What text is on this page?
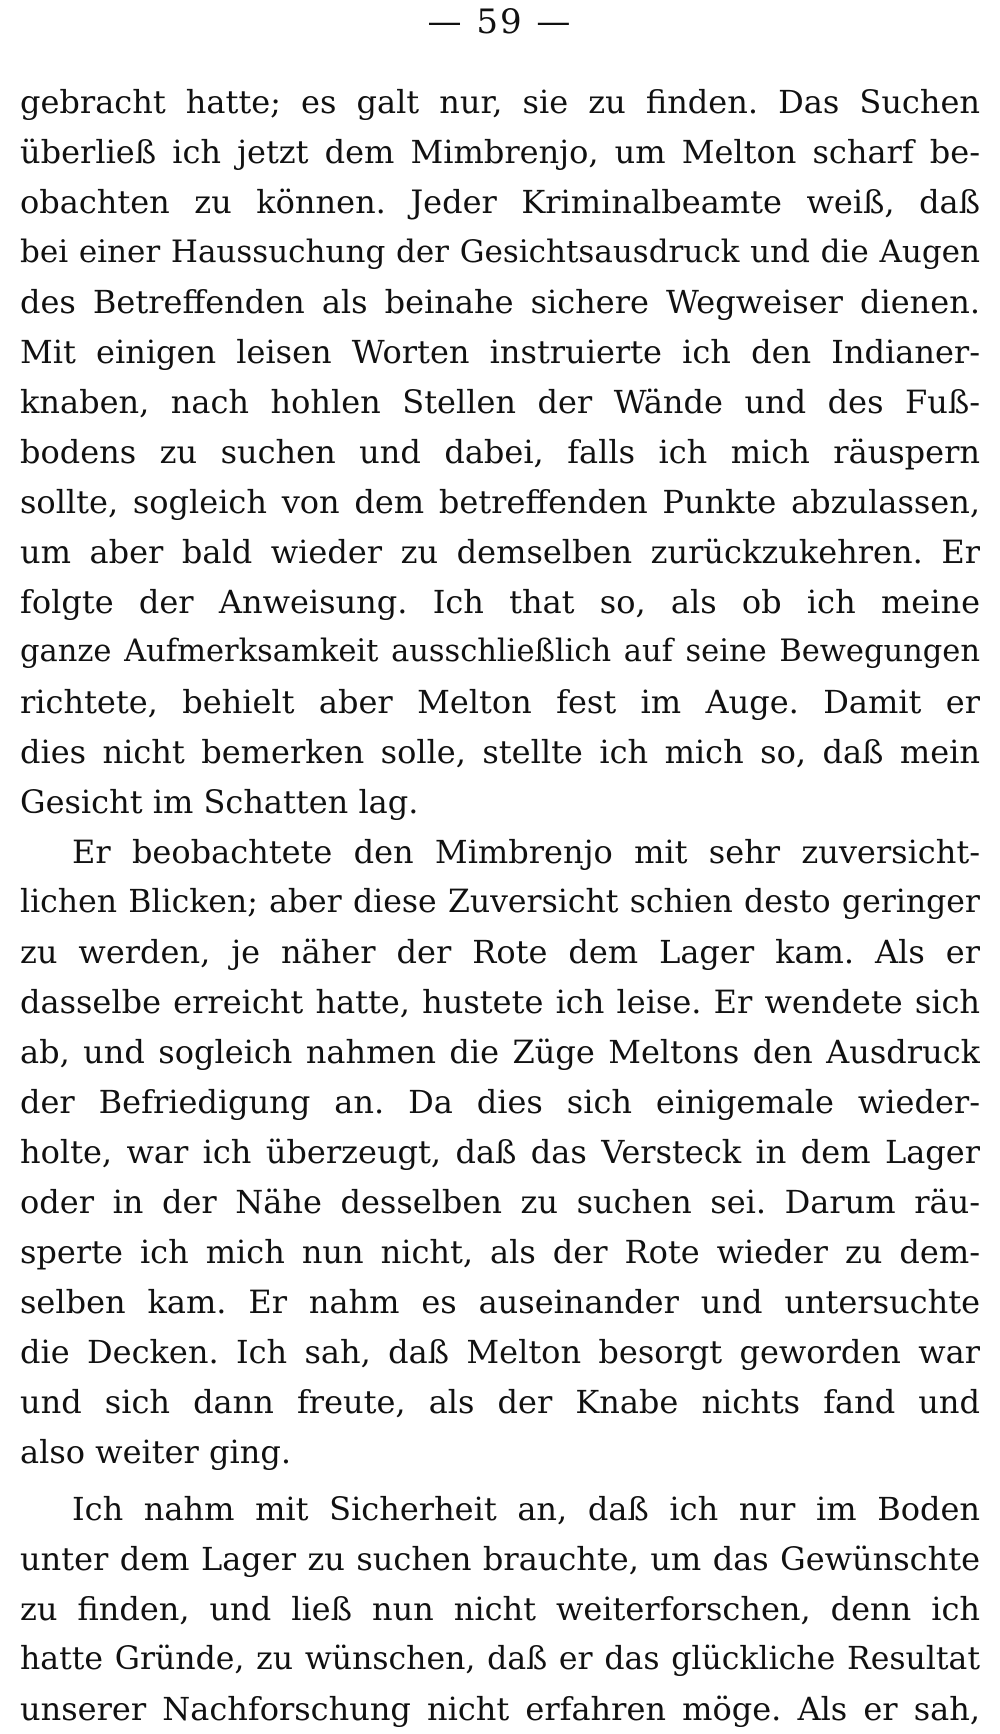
— 59 —
gebracht hatte; es galt nur, sie zu finden. Das Suchen
überließ ich jetzt dem Mimbrenjo, um Melton scharf be-
obachten zu können. Jeder Kriminalbeamte weiß, daß
bei einer Haussuchung der Gesichtsausdruck und die Augen
des Betreffenden als beinahe sichere Wegweiser dienen.
Mit einigen leisen Worten instruierte ich den Indianer-
knaben, nach hohlen Stellen der Wände und des Fuß-
bodens zu suchen und dabei, falls ich mich räuspern
sollte, sogleich von dem betreffenden Punkte abzulassen,
um aber bald wieder zu demselben zurückzukehren. Er
folgte der Anweisung. Ich that so, als ob ich meine
ganze Aufmerksamkeit ausschließlich auf seine Bewegungen
richtete, behielt aber Melton fest im Auge. Damit er
dies nicht bemerken solle, stellte ich mich so, daß mein
Gesicht im Schatten lag.
Er beobachtete den Mimbrenjo mit sehr zuversicht-
lichen Blicken; aber diese Zuversicht schien desto geringer
zu werden, je näher der Rote dem Lager kam. Als er
dasselbe erreicht hatte, hustete ich leise. Er wendete sich
ab, und sogleich nahmen die Züge Meltons den Ausdruck
der Befriedigung an. Da dies sich einigemale wieder-
holte, war ich überzeugt, daß das Versteck in dem Lager
oder in der Nähe desselben zu suchen sei. Darum räu-
sperte ich mich nun nicht, als der Rote wieder zu dem-
selben kam. Er nahm es auseinander und untersuchte
die Decken. Ich sah, daß Melton besorgt geworden war
und sich dann freute, als der Knabe nichts fand und
also weiter ging.
Ich nahm mit Sicherheit an, daß ich nur im Boden
unter dem Lager zu suchen brauchte, um das Gewünschte
zu finden, und ließ nun nicht weiterforschen, denn ich
hatte Gründe, zu wünschen, daß er das glückliche Resultat
unserer Nachforschung nicht erfahren möge. Als er sah,
